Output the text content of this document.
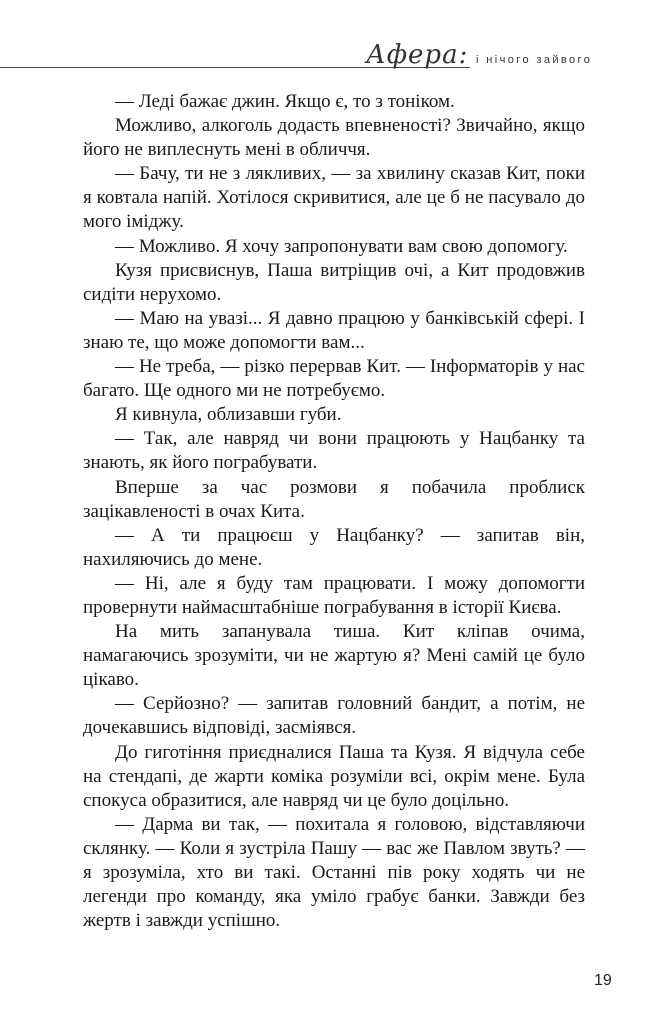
Афера: і нічого зайвого

— Леді бажає джин. Якщо є, то з тоніком.

Можливо, алкоголь додасть впевненості? Звичайно, якщо його не виплеснуть мені в обличчя.

— Бачу, ти не з лякливих, — за хвилину сказав Кит, поки я ковтала напій. Хотілося скривитися, але це б не пасувало до мого іміджу.

— Можливо. Я хочу запропонувати вам свою допомогу.

Кузя присвиснув, Паша витріщив очі, а Кит продовжив сидіти нерухомо.

— Маю на увазі... Я давно працюю у банківській сфері. І знаю те, що може допомогти вам...

— Не треба, — різко перервав Кит. — Інформаторів у нас багато. Ще одного ми не потребуємо.

Я кивнула, облизавши губи.

— Так, але навряд чи вони працюють у Нацбанку та знають, як його пограбувати.

Вперше за час розмови я побачила проблиск зацікавленості в очах Кита.

— А ти працюєш у Нацбанку? — запитав він, нахиляючись до мене.

— Ні, але я буду там працювати. І можу допомогти провернути наймасштабніше пограбування в історії Києва.

На мить запанувала тиша. Кит кліпав очима, намагаючись зрозуміти, чи не жартую я? Мені самій це було цікаво.

— Серйозно? — запитав головний бандит, а потім, не дочекавшись відповіді, засміявся.

До гиготіння приєдналися Паша та Кузя. Я відчула себе на стендапі, де жарти коміка розуміли всі, окрім мене. Була спокуса образитися, але навряд чи це було доцільно.

— Дарма ви так, — похитала я головою, відставляючи склянку. — Коли я зустріла Пашу — вас же Павлом звуть? — я зрозуміла, хто ви такі. Останні пів року ходять чи не легенди про команду, яка уміло грабує банки. Завжди без жертв і завжди успішно.

19
